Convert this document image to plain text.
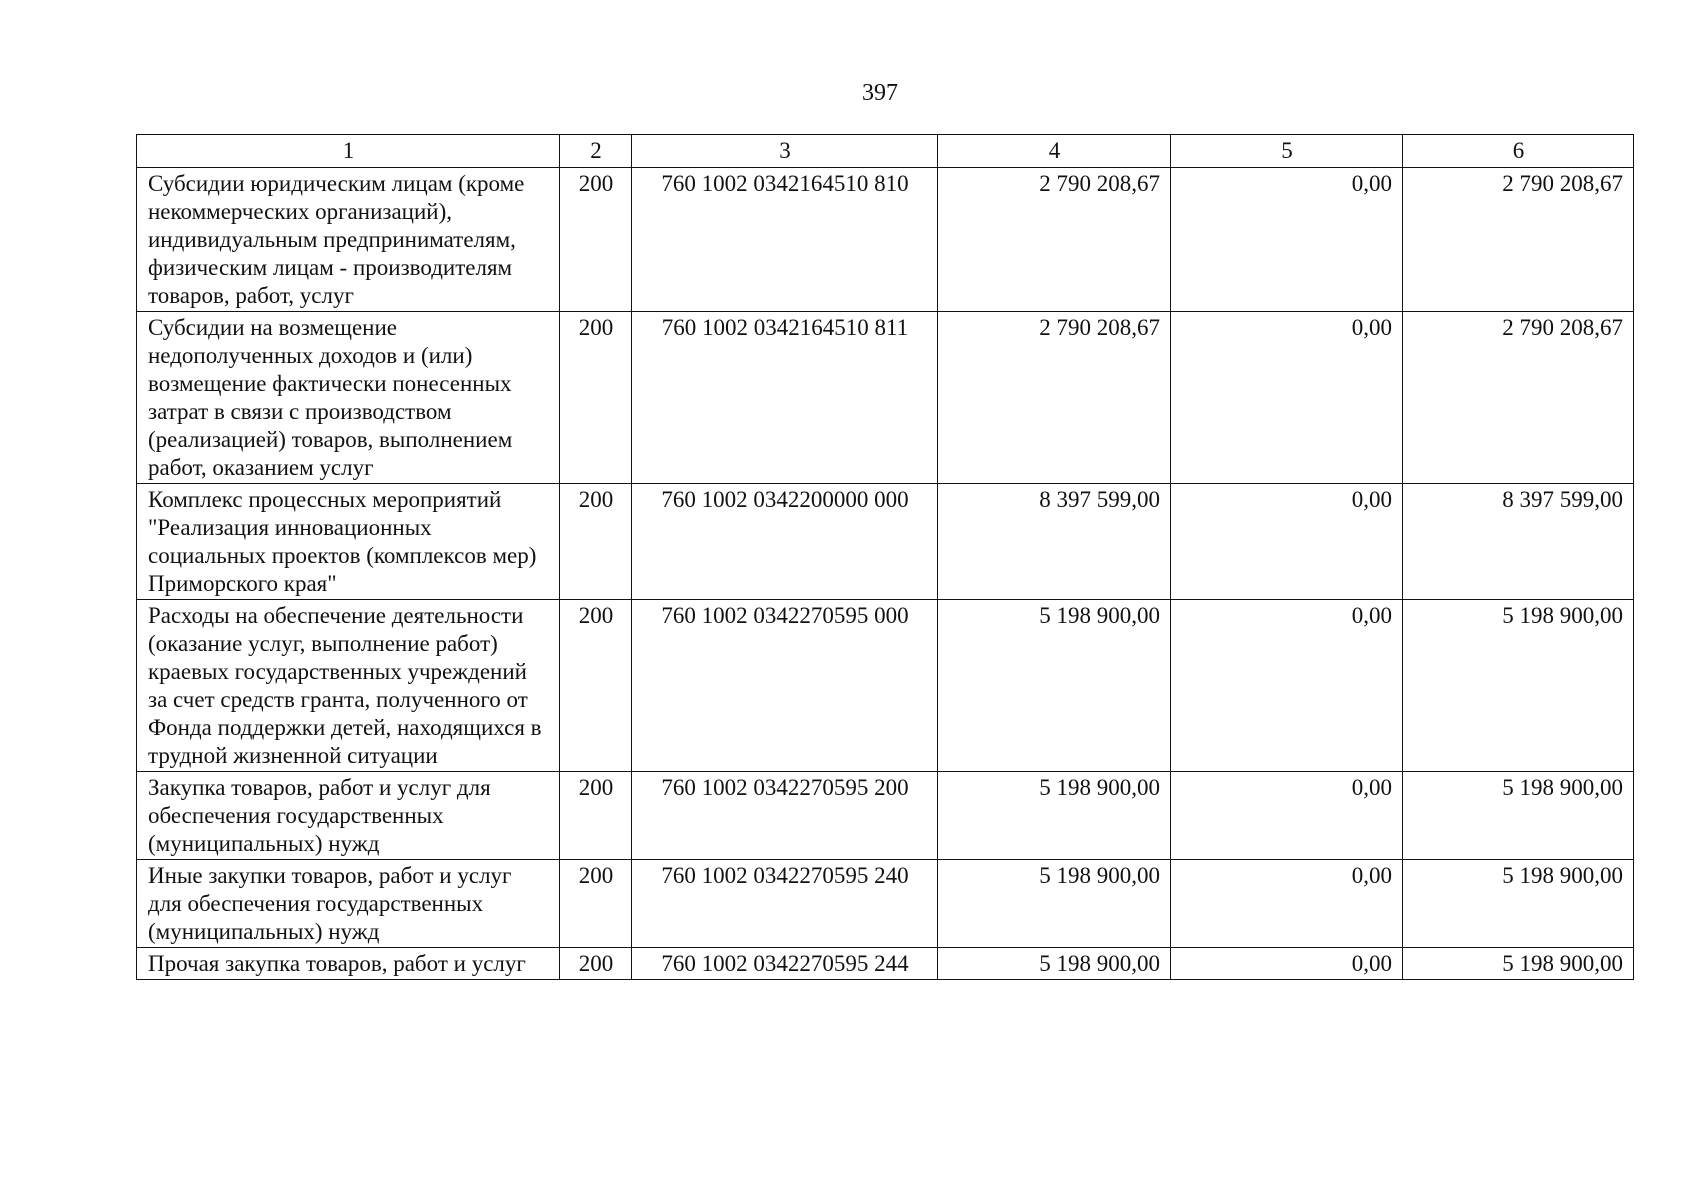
397
1	2	3	4	5	6
Субсидии юридическим лицам (кроме некоммерческих организаций), индивидуальным предпринимателям, физическим лицам - производителям товаров, работ, услуг	200	760 1002 0342164510 810	2 790 208,67	0,00	2 790 208,67
Субсидии на возмещение недополученных доходов и (или) возмещение фактически понесенных затрат в связи с производством (реализацией) товаров, выполнением работ, оказанием услуг	200	760 1002 0342164510 811	2 790 208,67	0,00	2 790 208,67
Комплекс процессных мероприятий "Реализация инновационных социальных проектов (комплексов мер) Приморского края"	200	760 1002 0342200000 000	8 397 599,00	0,00	8 397 599,00
Расходы на обеспечение деятельности (оказание услуг, выполнение работ) краевых государственных учреждений за счет средств гранта, полученного от Фонда поддержки детей, находящихся в трудной жизненной ситуации	200	760 1002 0342270595 000	5 198 900,00	0,00	5 198 900,00
Закупка товаров, работ и услуг для обеспечения государственных (муниципальных) нужд	200	760 1002 0342270595 200	5 198 900,00	0,00	5 198 900,00
Иные закупки товаров, работ и услуг для обеспечения государственных (муниципальных) нужд	200	760 1002 0342270595 240	5 198 900,00	0,00	5 198 900,00
Прочая закупка товаров, работ и услуг	200	760 1002 0342270595 244	5 198 900,00	0,00	5 198 900,00
